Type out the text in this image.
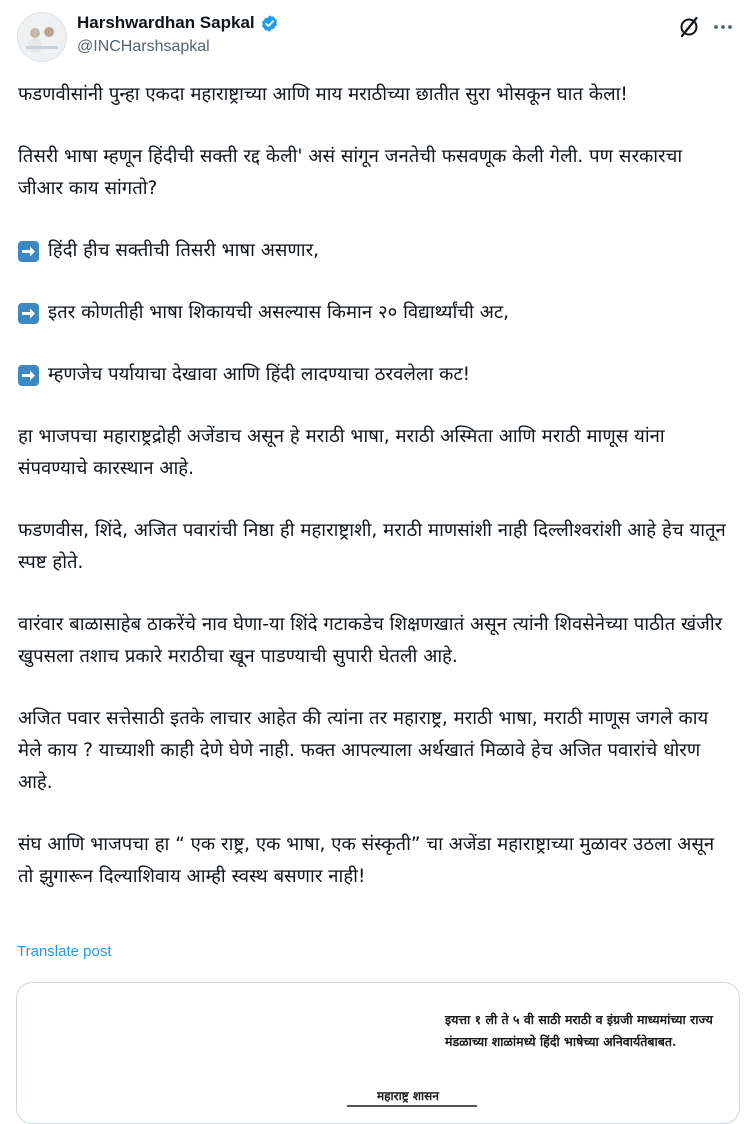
Harshwardhan Sapkal
@INCHarshsapkal

फडणवीसांनी पुन्हा एकदा महाराष्ट्राच्या आणि माय मराठीच्या छातीत सुरा भोसकून घात केला!

तिसरी भाषा म्हणून हिंदीची सक्ती रद्द केली' असं सांगून जनतेची फसवणूक केली गेली. पण सरकारचा जीआर काय सांगतो?

हिंदी हीच सक्तीची तिसरी भाषा असणार,
इतर कोणतीही भाषा शिकायची असल्यास किमान २० विद्यार्थ्यांची अट,
म्हणजेच पर्यायाचा देखावा आणि हिंदी लादण्याचा ठरवलेला कट!

हा भाजपचा महाराष्ट्रद्रोही अजेंडाच असून हे मराठी भाषा, मराठी अस्मिता आणि मराठी माणूस यांना संपवण्याचे कारस्थान आहे.

फडणवीस, शिंदे, अजित पवारांची निष्ठा ही महाराष्ट्राशी, मराठी माणसांशी नाही दिल्लीश्वरांशी आहे हेच यातून स्पष्ट होते.

वारंवार बाळासाहेब ठाकरेंचे नाव घेणा-या शिंदे गटाकडेच शिक्षणखातं असून त्यांनी शिवसेनेच्या पाठीत खंजीर खुपसला तशाच प्रकारे मराठीचा खून पाडण्याची सुपारी घेतली आहे.

अजित पवार सत्तेसाठी इतके लाचार आहेत की त्यांना तर महाराष्ट्र, मराठी भाषा, मराठी माणूस जगले काय मेले काय ? याच्याशी काही देणे घेणे नाही. फक्त आपल्याला अर्थखातं मिळावे हेच अजित पवारांचे धोरण आहे.

संघ आणि भाजपचा हा “ एक राष्ट्र, एक भाषा, एक संस्कृती” चा अजेंडा महाराष्ट्राच्या मुळावर उठला असून तो झुगारून दिल्याशिवाय आम्ही स्वस्थ बसणार नाही!

Translate post
इयत्ता १ ली ते ५ वी साठी मराठी व इंग्रजी माध्यमांच्या राज्य मंडळाच्या शाळांमध्ये हिंदी भाषेच्या अनिवार्यतेबाबत.
महाराष्ट्र शासन
